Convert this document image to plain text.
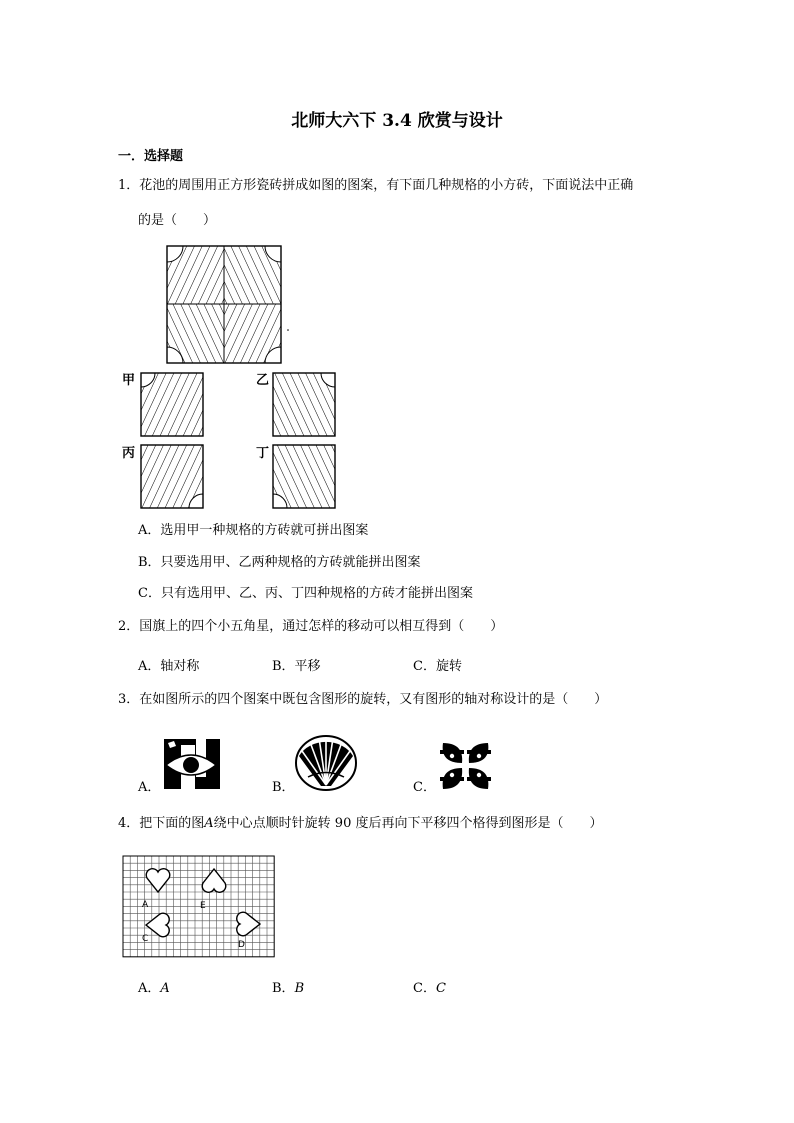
北师大六下 3.4 欣赏与设计
一．选择题
1．花池的周围用正方形瓷砖拼成如图的图案，有下面几种规格的小方砖，下面说法中正确
的是（　　）
甲	乙
丙	丁
A．选用甲一种规格的方砖就可拼出图案
B．只要选用甲、乙两种规格的方砖就能拼出图案
C．只有选用甲、乙、丙、丁四种规格的方砖才能拼出图案
2．国旗上的四个小五角星，通过怎样的移动可以相互得到（　　）
A．轴对称	B．平移	C．旋转
3．在如图所示的四个图案中既包含图形的旋转，又有图形的轴对称设计的是（　　）
A．	B．	C．
4．把下面的图A绕中心点顺时针旋转 90 度后再向下平移四个格得到图形是（　　）
A	E
C
D
A．A	B．B	C．C
